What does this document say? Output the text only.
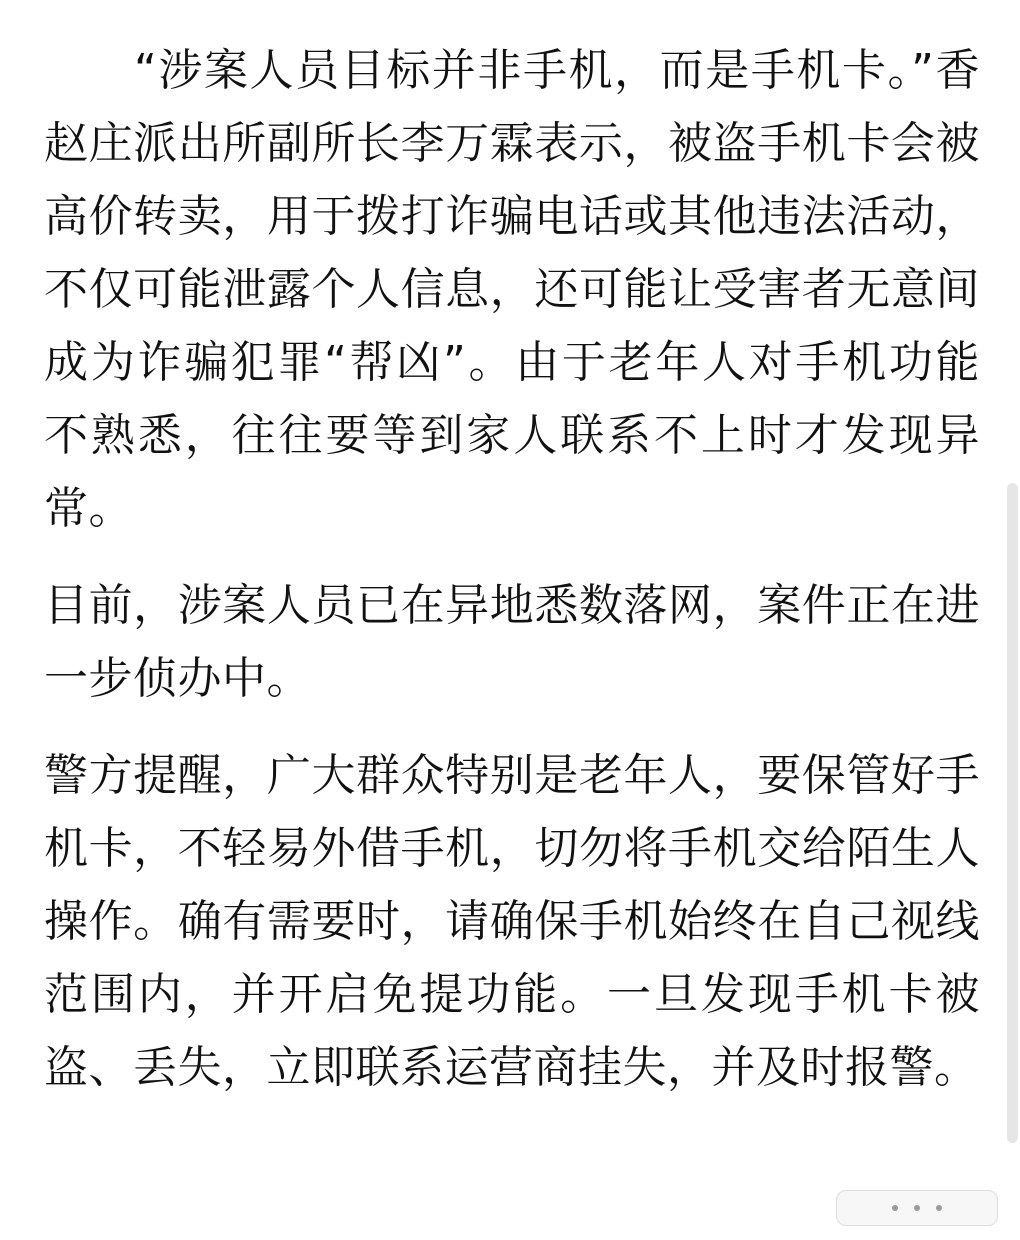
“涉案人员目标并非手机，而是手机卡。”香赵庄派出所副所长李万霖表示，被盗手机卡会被高价转卖，用于拨打诈骗电话或其他违法活动，不仅可能泄露个人信息，还可能让受害者无意间成为诈骗犯罪“帮凶”。由于老年人对手机功能不熟悉，往往要等到家人联系不上时才发现异常。

目前，涉案人员已在异地悉数落网，案件正在进一步侦办中。

警方提醒，广大群众特别是老年人，要保管好手机卡，不轻易外借手机，切勿将手机交给陌生人操作。确有需要时，请确保手机始终在自己视线范围内，并开启免提功能。一旦发现手机卡被盗、丢失，立即联系运营商挂失，并及时报警。
